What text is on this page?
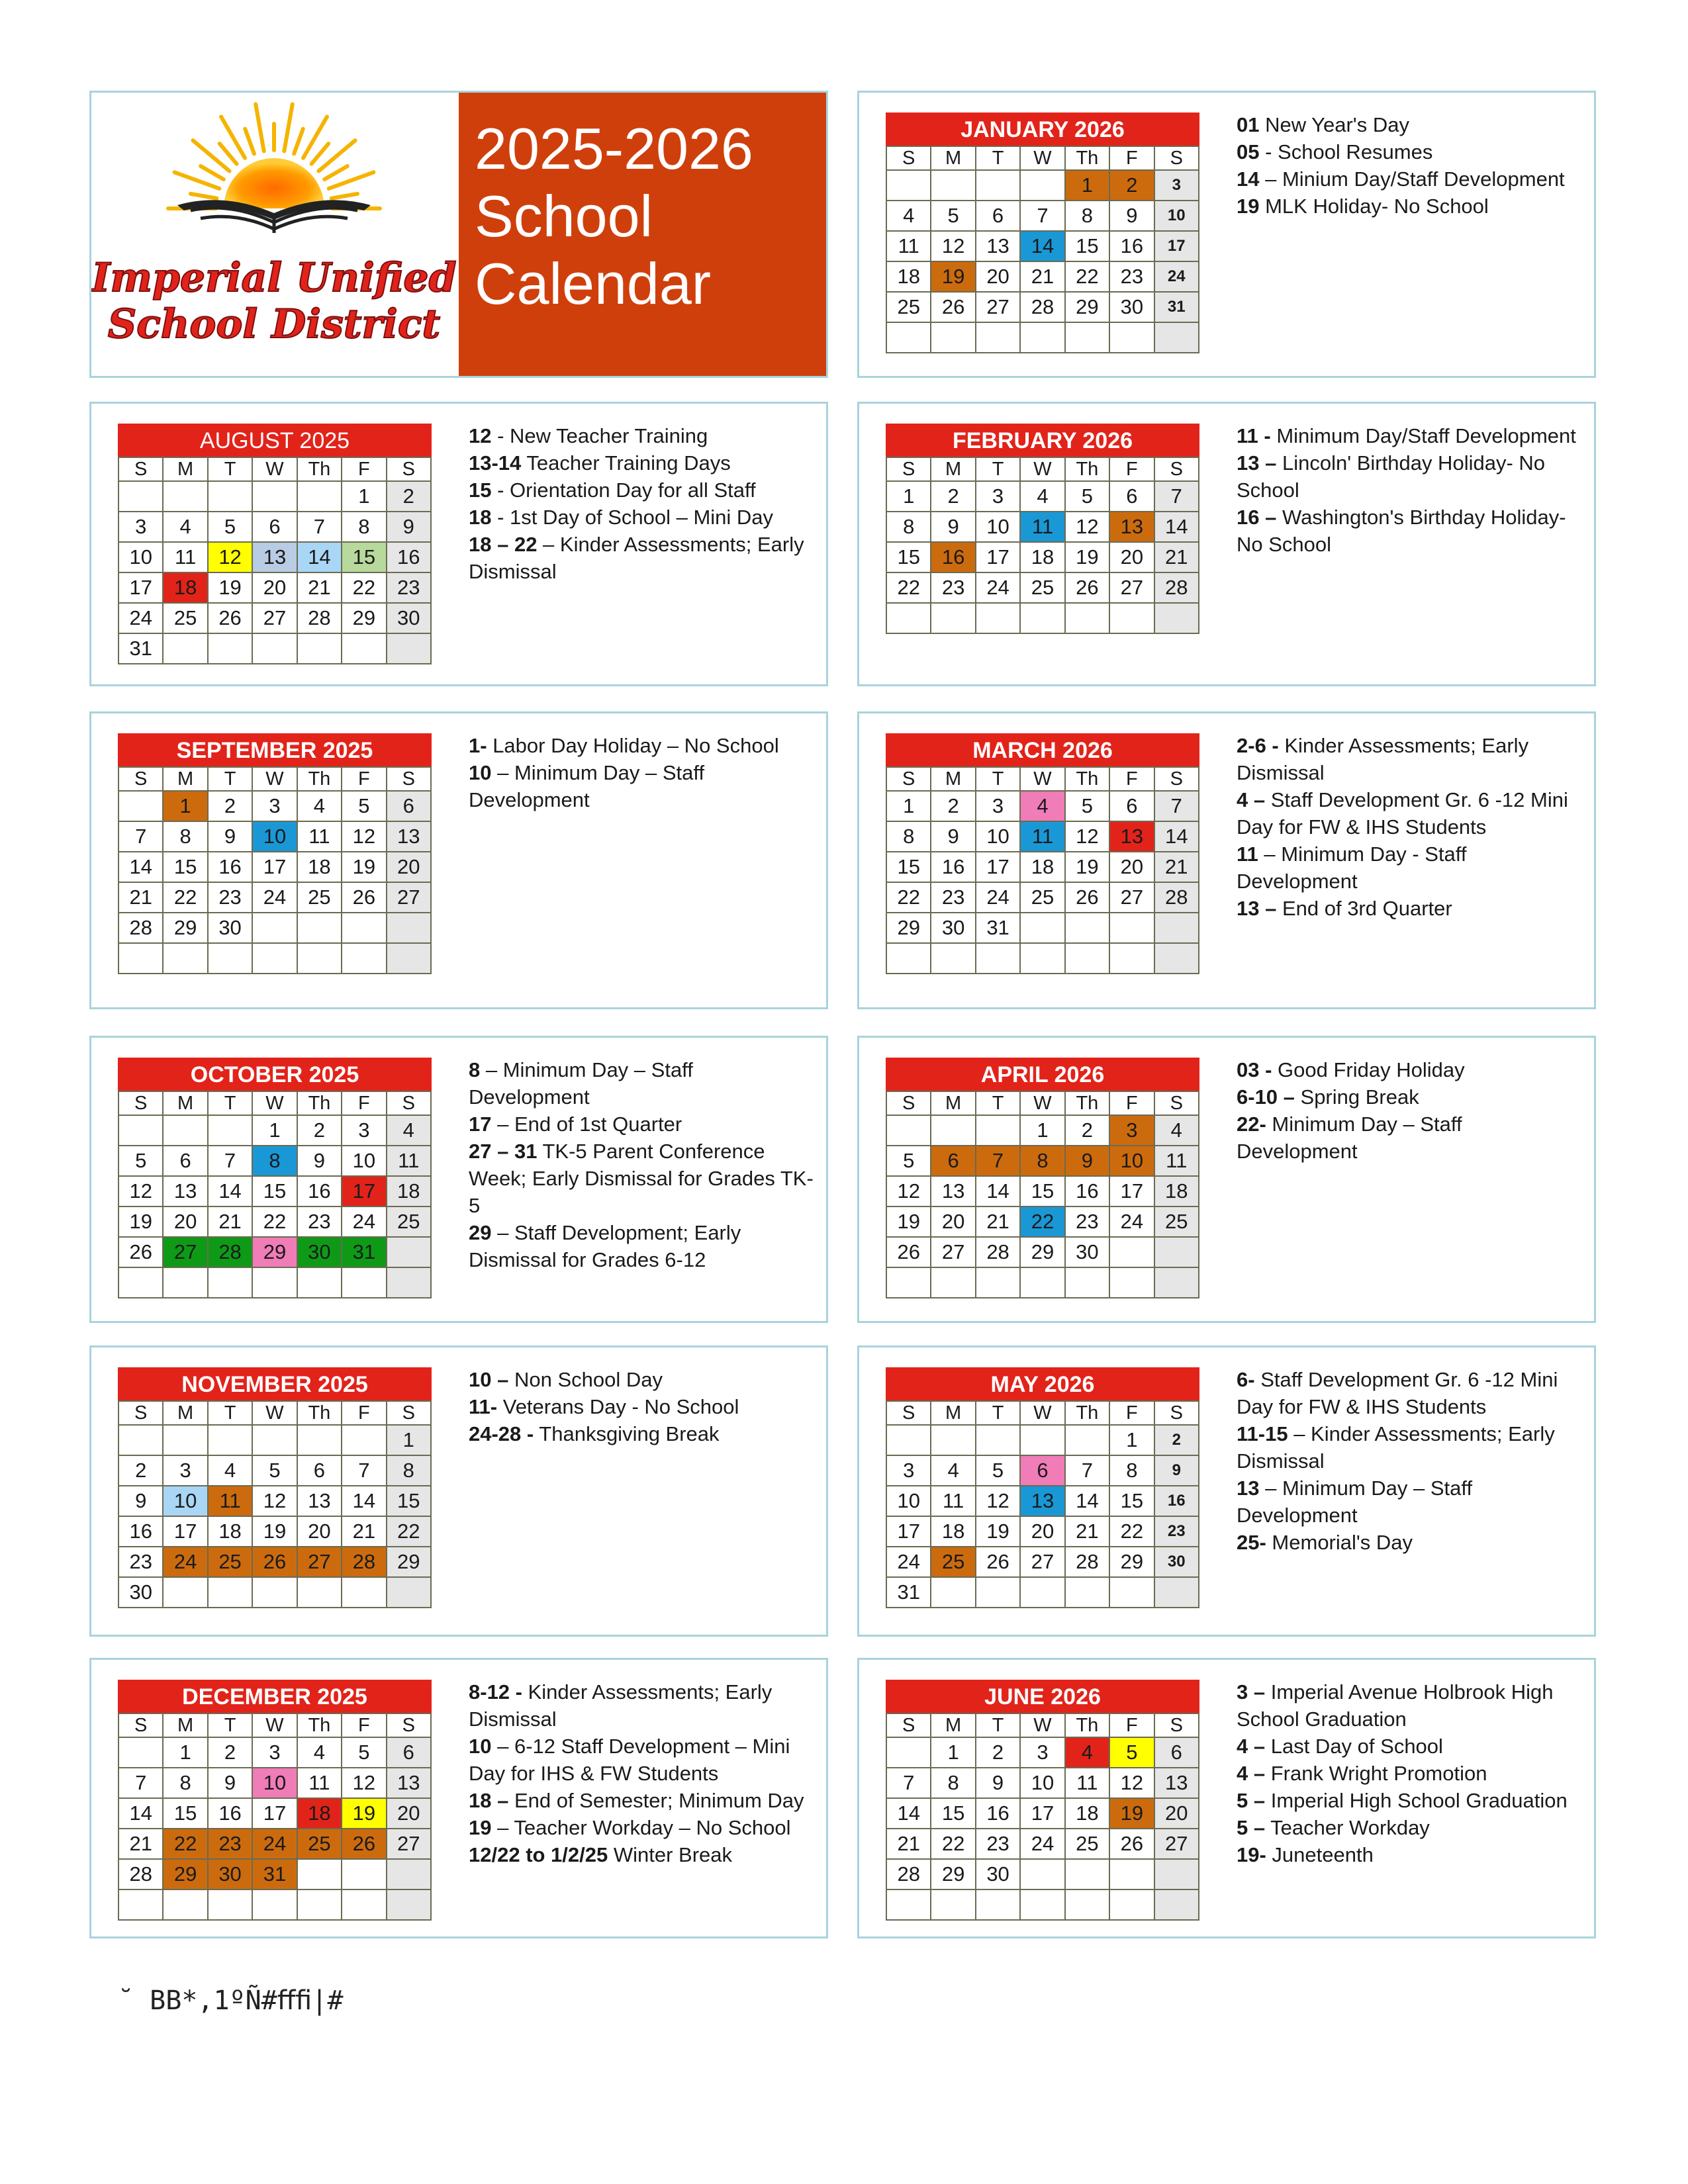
Imperial Unified
School District
2025-2026
School
Calendar
AUGUST 2025
S	M	T	W	Th	F	S
					1	2
3	4	5	6	7	8	9
10	11	12	13	14	15	16
17	18	19	20	21	22	23
24	25	26	27	28	29	30
31						
12 - New Teacher Training
13-14 Teacher Training Days
15 - Orientation Day for all Staff
18 - 1st Day of School – Mini Day
18 – 22 – Kinder Assessments; Early Dismissal
SEPTEMBER 2025
S	M	T	W	Th	F	S
	1	2	3	4	5	6
7	8	9	10	11	12	13
14	15	16	17	18	19	20
21	22	23	24	25	26	27
28	29	30				

1- Labor Day Holiday – No School
10 – Minimum Day – Staff Development
OCTOBER 2025
S	M	T	W	Th	F	S
			1	2	3	4
5	6	7	8	9	10	11
12	13	14	15	16	17	18
19	20	21	22	23	24	25
26	27	28	29	30	31	

8 – Minimum Day – Staff Development
17 – End of 1st Quarter
27 – 31 TK-5 Parent Conference Week; Early Dismissal for Grades TK-5
29 – Staff Development; Early Dismissal for Grades 6-12
NOVEMBER 2025
S	M	T	W	Th	F	S
						1
2	3	4	5	6	7	8
9	10	11	12	13	14	15
16	17	18	19	20	21	22
23	24	25	26	27	28	29
30						
10 – Non School Day
11- Veterans Day - No School
24-28 - Thanksgiving Break
DECEMBER 2025
S	M	T	W	Th	F	S
	1	2	3	4	5	6
7	8	9	10	11	12	13
14	15	16	17	18	19	20
21	22	23	24	25	26	27
28	29	30	31			

8-12 - Kinder Assessments; Early Dismissal
10 – 6-12 Staff Development – Mini Day for IHS & FW Students
18 – End of Semester; Minimum Day
19 – Teacher Workday – No School
12/22 to 1/2/25 Winter Break
JANUARY 2026
S	M	T	W	Th	F	S
				1	2	3
4	5	6	7	8	9	10
11	12	13	14	15	16	17
18	19	20	21	22	23	24
25	26	27	28	29	30	31

01 New Year's Day
05 - School Resumes
14 – Minium Day/Staff Development
19 MLK Holiday- No School
FEBRUARY 2026
S	M	T	W	Th	F	S
1	2	3	4	5	6	7
8	9	10	11	12	13	14
15	16	17	18	19	20	21
22	23	24	25	26	27	28

11 - Minimum Day/Staff Development
13 – Lincoln' Birthday Holiday- No School
16 – Washington's Birthday Holiday- No School
MARCH 2026
S	M	T	W	Th	F	S
1	2	3	4	5	6	7
8	9	10	11	12	13	14
15	16	17	18	19	20	21
22	23	24	25	26	27	28
29	30	31				

2-6 - Kinder Assessments; Early Dismissal
4 – Staff Development Gr. 6 -12 Mini Day for FW & IHS Students
11 – Minimum Day - Staff Development
13 – End of 3rd Quarter
APRIL 2026
S	M	T	W	Th	F	S
			1	2	3	4
5	6	7	8	9	10	11
12	13	14	15	16	17	18
19	20	21	22	23	24	25
26	27	28	29	30		

03 - Good Friday Holiday
6-10 – Spring Break
22- Minimum Day – Staff Development
MAY 2026
S	M	T	W	Th	F	S
					1	2
3	4	5	6	7	8	9
10	11	12	13	14	15	16
17	18	19	20	21	22	23
24	25	26	27	28	29	30
31						
6- Staff Development Gr. 6 -12 Mini Day for FW & IHS Students
11-15 – Kinder Assessments; Early Dismissal
13 – Minimum Day – Staff Development
25- Memorial's Day
JUNE 2026
S	M	T	W	Th	F	S
	1	2	3	4	5	6
7	8	9	10	11	12	13
14	15	16	17	18	19	20
21	22	23	24	25	26	27
28	29	30				

3 – Imperial Avenue Holbrook High School Graduation
4 – Last Day of School
4 – Frank Wright Promotion
5 – Imperial High School Graduation
5 – Teacher Workday
19- Juneteenth
˘ BB*,1ºÑ#ﬀﬁ|#
